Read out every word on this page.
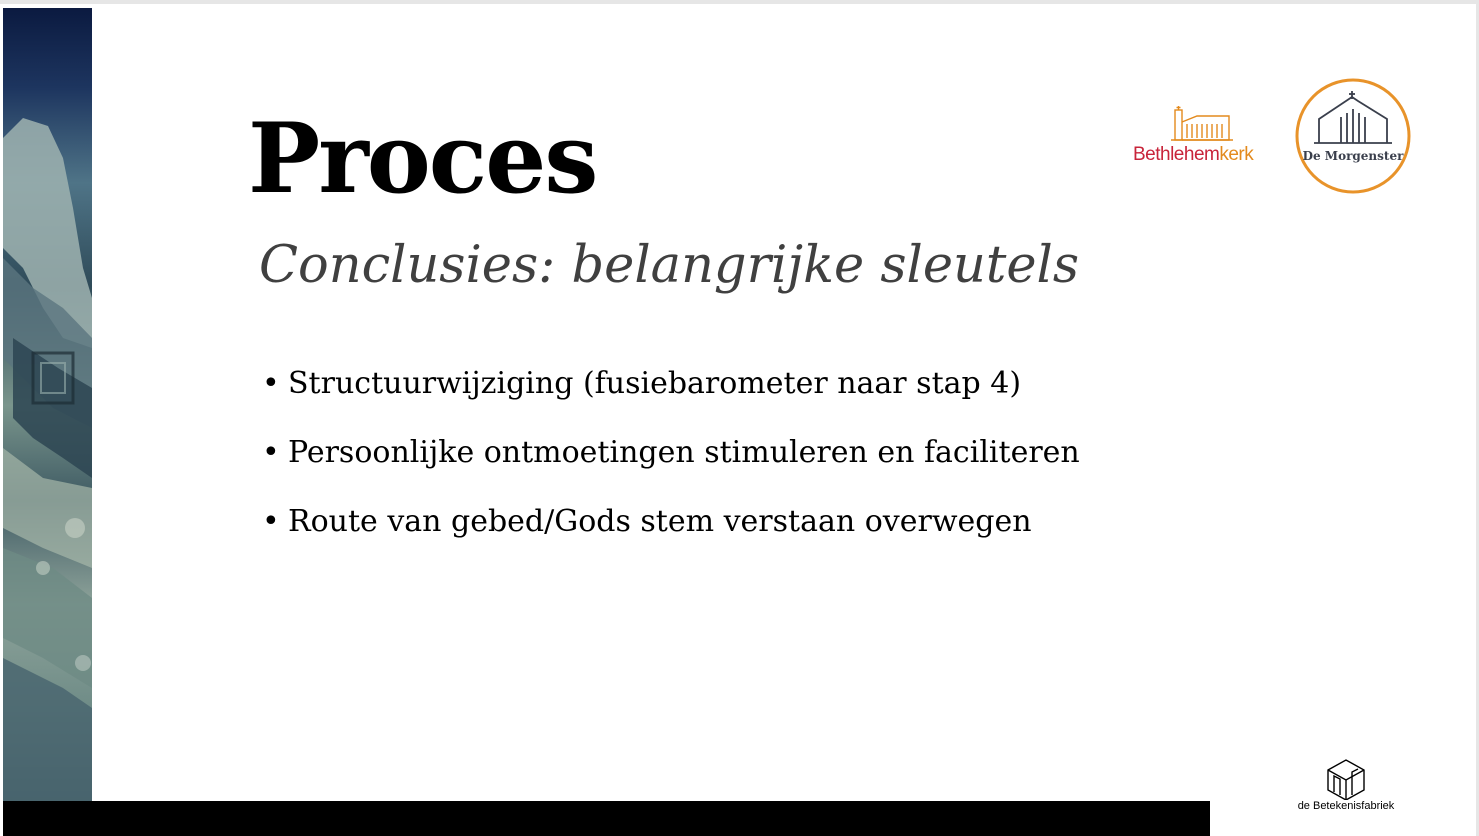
Proces
Conclusies: belangrijke sleutels
• Structuurwijziging (fusiebarometer naar stap 4)
• Persoonlijke ontmoetingen stimuleren en faciliteren
• Route van gebed/Gods stem verstaan overwegen
Bethlehemkerk	De Morgenster
de Betekenisfabriek
